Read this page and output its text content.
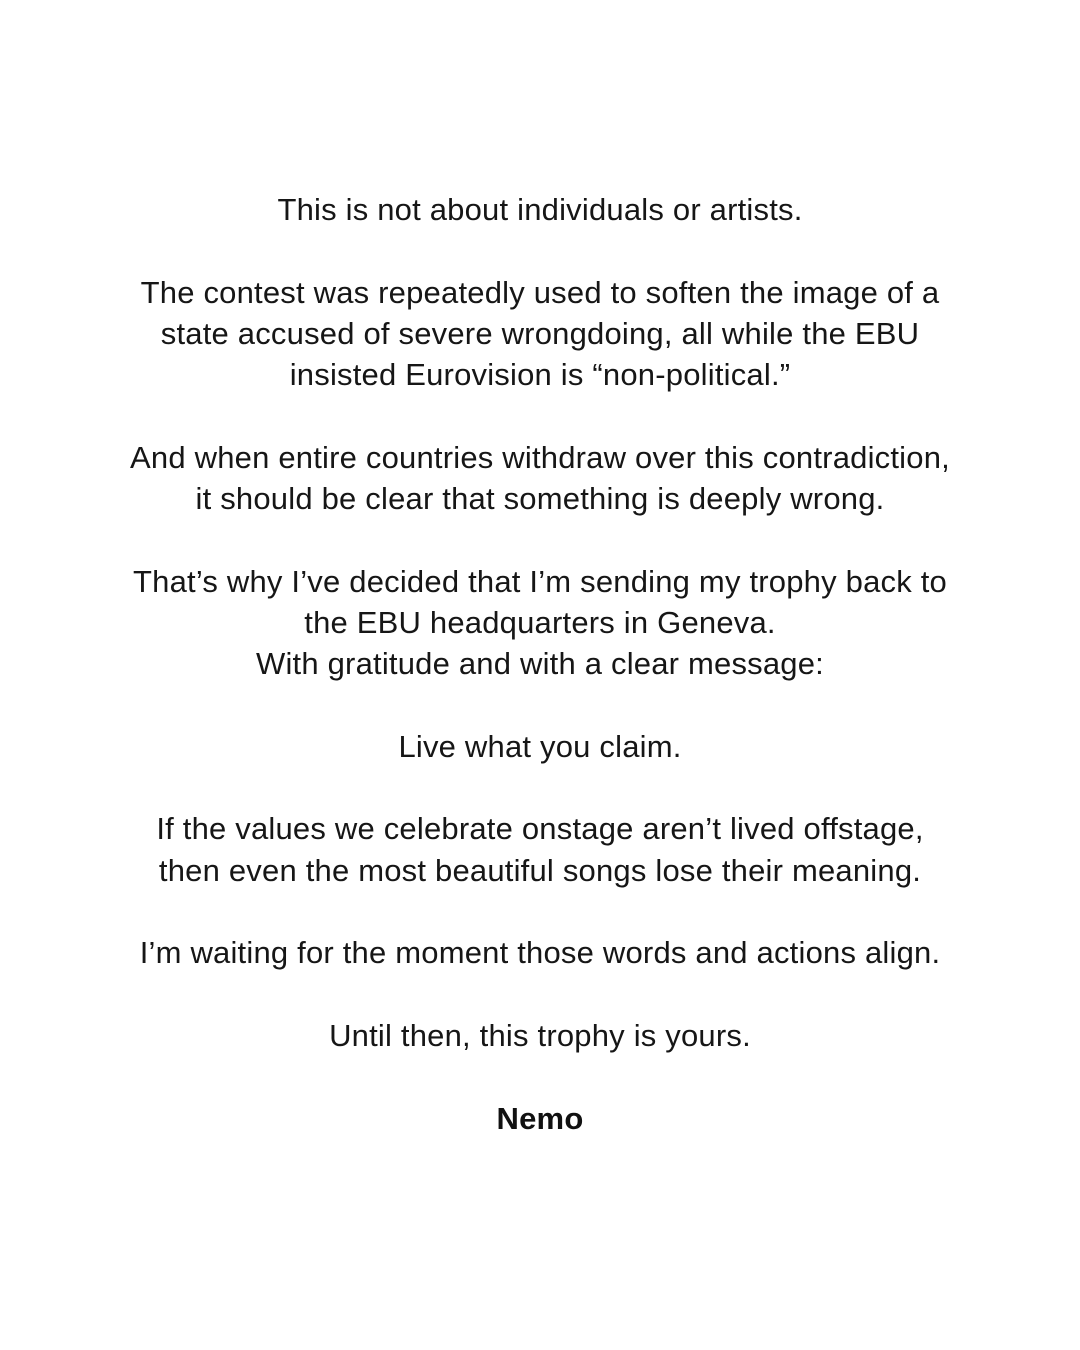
This is not about individuals or artists.

The contest was repeatedly used to soften the image of a
state accused of severe wrongdoing, all while the EBU
insisted Eurovision is “non-political.”

And when entire countries withdraw over this contradiction,
it should be clear that something is deeply wrong.

That’s why I’ve decided that I’m sending my trophy back to
the EBU headquarters in Geneva.
With gratitude and with a clear message:

Live what you claim.

If the values we celebrate onstage aren’t lived offstage,
then even the most beautiful songs lose their meaning.

I’m waiting for the moment those words and actions align.

Until then, this trophy is yours.

Nemo
